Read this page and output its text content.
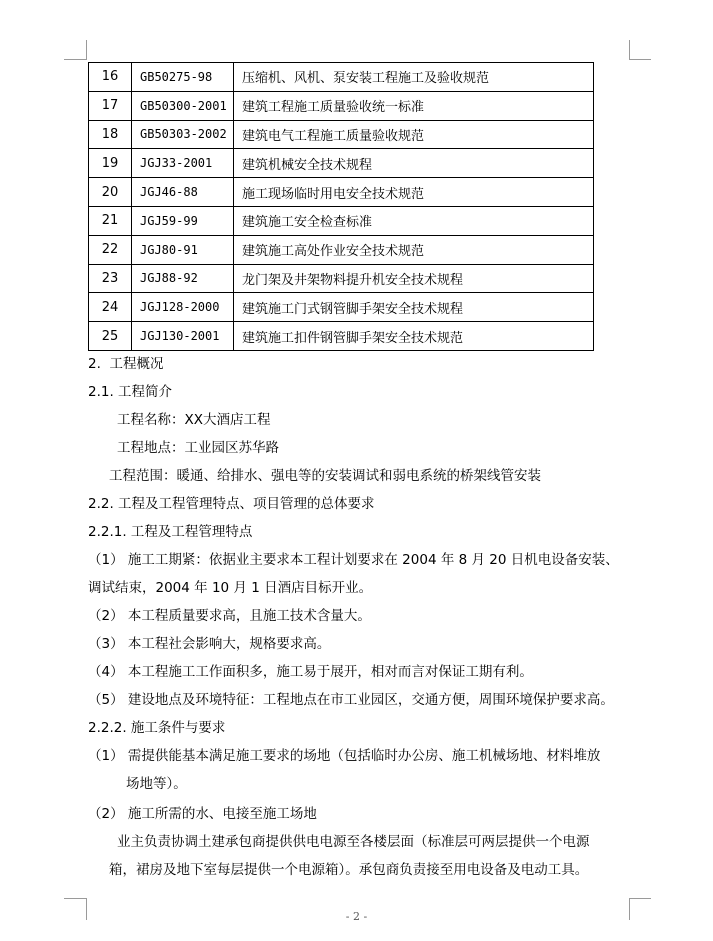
16	GB50275-98	压缩机、风机、泵安装工程施工及验收规范
17	GB50300-2001	建筑工程施工质量验收统一标准
18	GB50303-2002	建筑电气工程施工质量验收规范
19	JGJ33-2001	建筑机械安全技术规程
20	JGJ46-88	施工现场临时用电安全技术规范
21	JGJ59-99	建筑施工安全检查标准
22	JGJ80-91	建筑施工高处作业安全技术规范
23	JGJ88-92	龙门架及井架物料提升机安全技术规程
24	JGJ128-2000	建筑施工门式钢管脚手架安全技术规程
25	JGJ130-2001	建筑施工扣件钢管脚手架安全技术规范
2.  工程概况
2.1. 工程简介
工程名称：XX大酒店工程
工程地点：工业园区苏华路
工程范围：暖通、给排水、强电等的安装调试和弱电系统的桥架线管安装
2.2. 工程及工程管理特点、项目管理的总体要求
2.2.1. 工程及工程管理特点
（1） 施工工期紧：依据业主要求本工程计划要求在 2004 年 8 月 20 日机电设备安装、
调试结束，2004 年 10 月 1 日酒店目标开业。
（2） 本工程质量要求高，且施工技术含量大。
（3） 本工程社会影响大，规格要求高。
（4） 本工程施工工作面积多，施工易于展开，相对而言对保证工期有利。
（5） 建设地点及环境特征：工程地点在市工业园区，交通方便，周围环境保护要求高。
2.2.2. 施工条件与要求
（1） 需提供能基本满足施工要求的场地（包括临时办公房、施工机械场地、材料堆放
场地等）。
（2） 施工所需的水、电接至施工场地
业主负责协调土建承包商提供供电电源至各楼层面（标准层可两层提供一个电源
箱，裙房及地下室每层提供一个电源箱）。承包商负责接至用电设备及电动工具。
- 2 -
